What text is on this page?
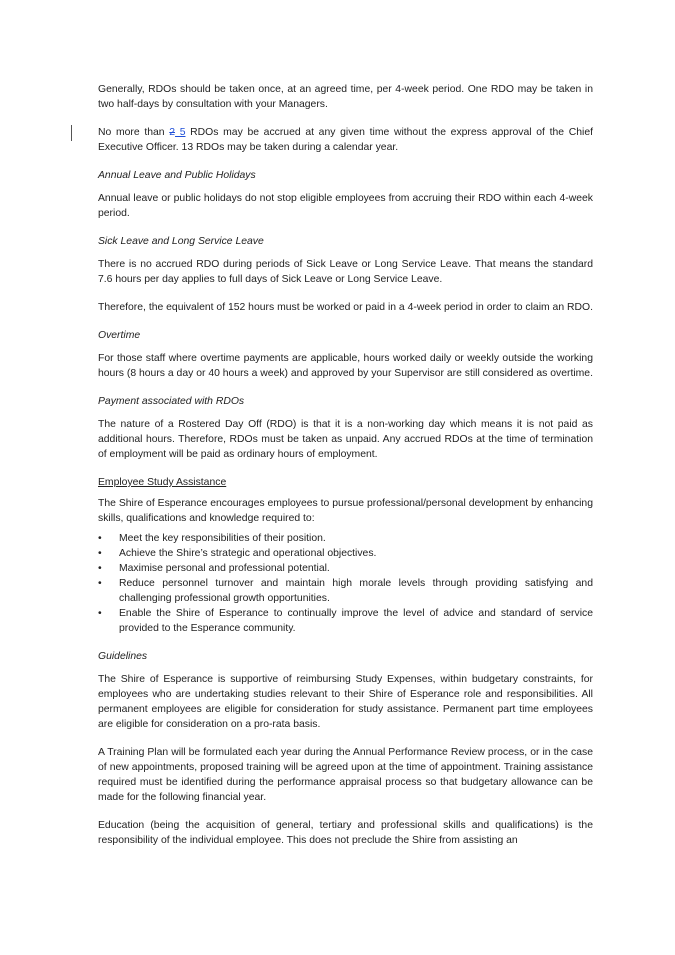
Generally, RDOs should be taken once, at an agreed time, per 4-week period. One RDO may be taken in two half-days by consultation with your Managers.

No more than 2 5 RDOs may be accrued at any given time without the express approval of the Chief Executive Officer. 13 RDOs may be taken during a calendar year.

Annual Leave and Public Holidays

Annual leave or public holidays do not stop eligible employees from accruing their RDO within each 4-week period.

Sick Leave and Long Service Leave

There is no accrued RDO during periods of Sick Leave or Long Service Leave. That means the standard 7.6 hours per day applies to full days of Sick Leave or Long Service Leave.

Therefore, the equivalent of 152 hours must be worked or paid in a 4-week period in order to claim an RDO.

Overtime

For those staff where overtime payments are applicable, hours worked daily or weekly outside the working hours (8 hours a day or 40 hours a week) and approved by your Supervisor are still considered as overtime.

Payment associated with RDOs

The nature of a Rostered Day Off (RDO) is that it is a non-working day which means it is not paid as additional hours. Therefore, RDOs must be taken as unpaid. Any accrued RDOs at the time of termination of employment will be paid as ordinary hours of employment.

Employee Study Assistance

The Shire of Esperance encourages employees to pursue professional/personal development by enhancing skills, qualifications and knowledge required to:

• Meet the key responsibilities of their position.
• Achieve the Shire’s strategic and operational objectives.
• Maximise personal and professional potential.
• Reduce personnel turnover and maintain high morale levels through providing satisfying and challenging professional growth opportunities.
• Enable the Shire of Esperance to continually improve the level of advice and standard of service provided to the Esperance community.

Guidelines

The Shire of Esperance is supportive of reimbursing Study Expenses, within budgetary constraints, for employees who are undertaking studies relevant to their Shire of Esperance role and responsibilities. All permanent employees are eligible for consideration for study assistance. Permanent part time employees are eligible for consideration on a pro-rata basis.

A Training Plan will be formulated each year during the Annual Performance Review process, or in the case of new appointments, proposed training will be agreed upon at the time of appointment. Training assistance required must be identified during the performance appraisal process so that budgetary allowance can be made for the following financial year.

Education (being the acquisition of general, tertiary and professional skills and qualifications) is the responsibility of the individual employee. This does not preclude the Shire from assisting an
